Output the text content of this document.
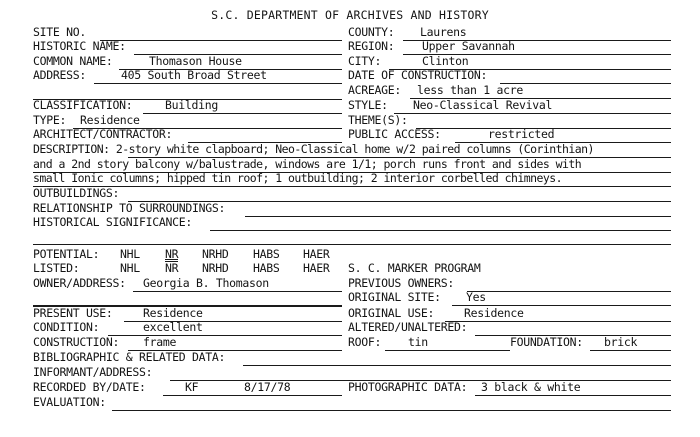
S.C. DEPARTMENT OF ARCHIVES AND HISTORY
SITE NO.
HISTORIC NAME:
COMMON NAME:	Thomason House
ADDRESS:	405 South Broad Street
COUNTY: Laurens
REGION: Upper Savannah
CITY:	Clinton
DATE OF CONSTRUCTION:
ACREAGE: less than 1 acre
CLASSIFICATION:	Building
TYPE: Residence
ARCHITECT/CONTRACTOR:
STYLE: Neo-Classical Revival
THEME(S):
PUBLIC ACCESS:	restricted
DESCRIPTION: 2-story white clapboard; Neo-Classical home w/2 paired columns (Corinthian)
and a 2nd story balcony w/balustrade, windows are 1/1; porch runs front and sides with
small Ionic columns; hipped tin roof; 1 outbuilding; 2 interior corbelled chimneys.
OUTBUILDINGS:
RELATIONSHIP TO SURROUNDINGS:
HISTORICAL SIGNIFICANCE:
POTENTIAL: NHL NR NRHD HABS HAER
LISTED:	NHL NR NRHD HABS HAER
OWNER/ADDRESS: Georgia B. Thomason
S. C. MARKER PROGRAM
PREVIOUS OWNERS:
ORIGINAL SITE: Yes
PRESENT USE:	Residence
CONDITION:	excellent
CONSTRUCTION: frame
ORIGINAL USE:	Residence
ALTERED/UNALTERED:
ROOF: tin	FOUNDATION: brick
BIBLIOGRAPHIC & RELATED DATA:
INFORMANT/ADDRESS:
RECORDED BY/DATE:	KF	8/17/78	PHOTOGRAPHIC DATA: 3 black & white
EVALUATION:
